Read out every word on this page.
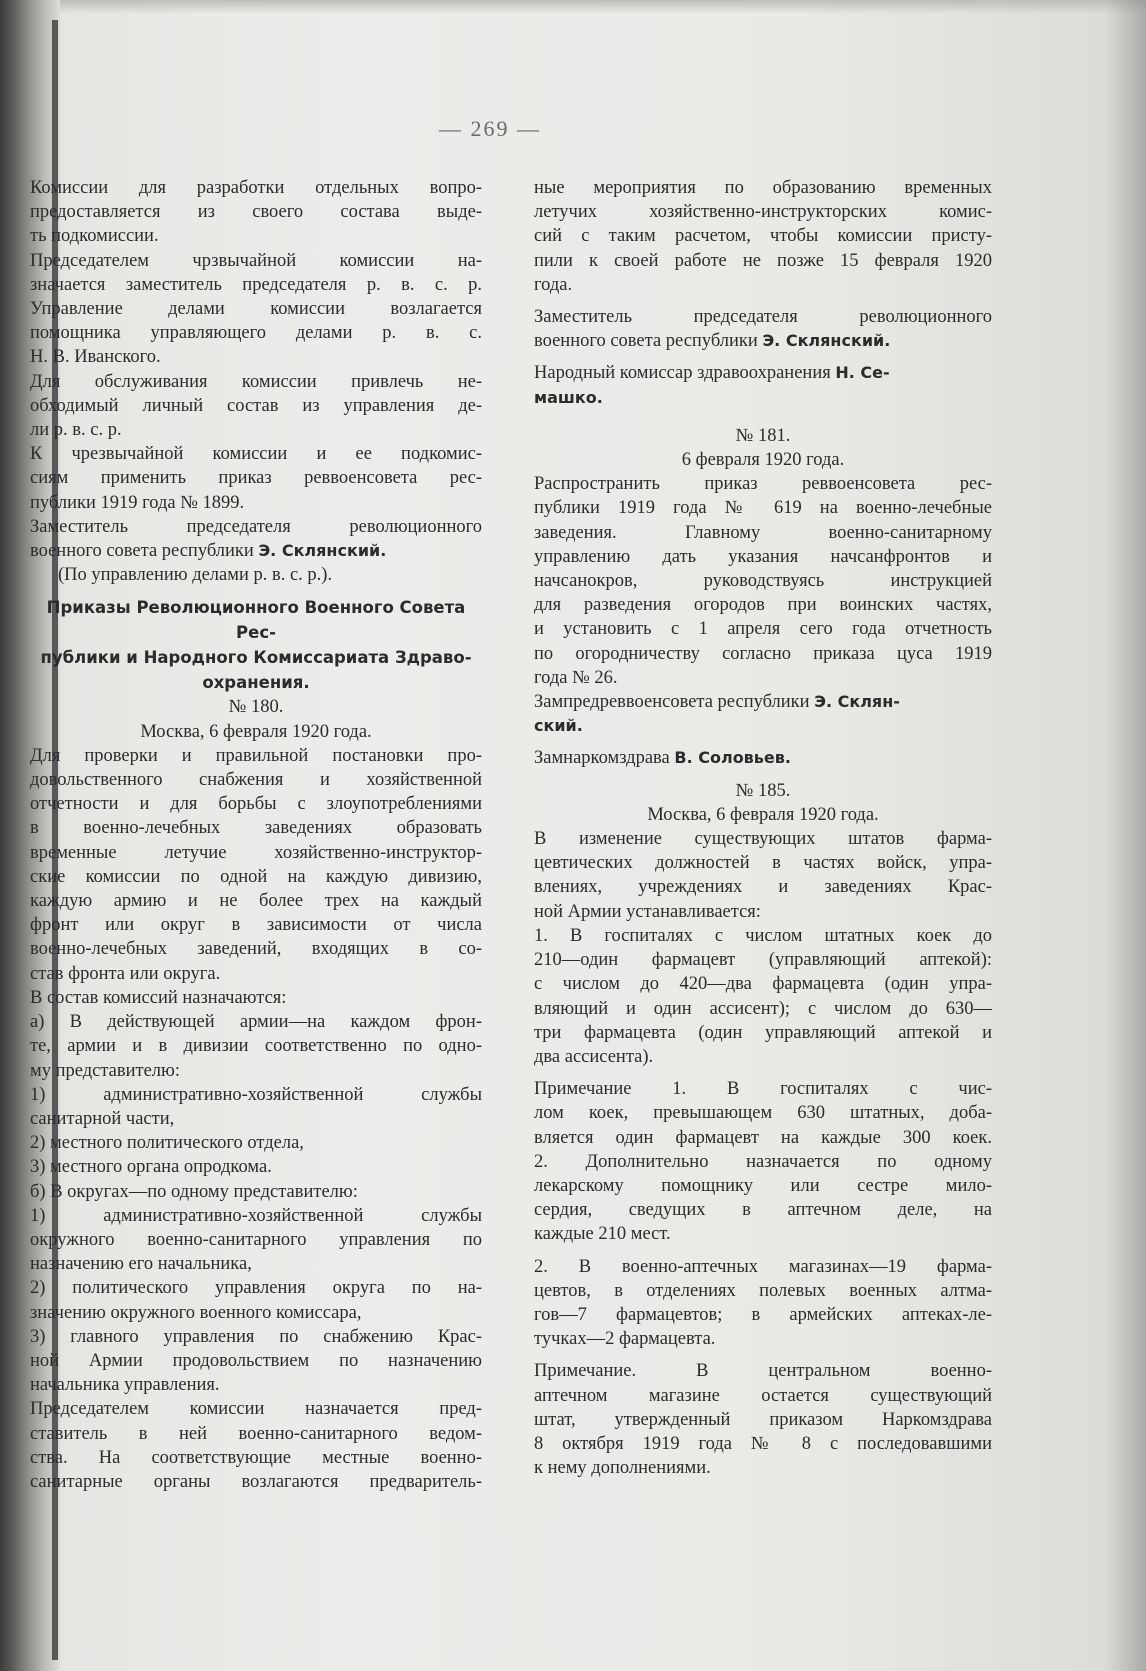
— 269 —

Комиссии для разработки отдельных вопро-

предоставляется из своего состава выде-

ть подкомиссии.

Председателем чрзвычайной комиссии на-

значается заместитель председателя р. в. с. р.

Управление делами комиссии возлагается

помощника управляющего делами р. в. с.

Н. В. Иванского.

Для обслуживания комиссии привлечь не-

обходимый личный состав из управления де-

ли р. в. с. р.

К чрезвычайной комиссии и ее подкомис-

сиям применить приказ реввоенсовета рес-

публики 1919 года № 1899.

Заместитель председателя революционного

военного совета республики Э. Склянский.

(По управлению делами р. в. с. р.).

Приказы Революционного Военного Совета Рес-
публики и Народного Комиссариата Здраво-
охранения.

№ 180.

Москва, 6 февраля 1920 года.

Для проверки и правильной постановки про-

довольственного снабжения и хозяйственной

отчетности и для борьбы с злоупотреблениями

в военно-лечебных заведениях образовать

временные летучие хозяйственно-инструктор-

ские комиссии по одной на каждую дивизию,

каждую армию и не более трех на каждый

фронт или округ в зависимости от числа

военно-лечебных заведений, входящих в со-

став фронта или округа.

В состав комиссий назначаются:

а) В действующей армии—на каждом фрон-

те, армии и в дивизии соответственно по одно-

му представителю:

1) административно-хозяйственной службы

санитарной части,

2) местного политического отдела,

3) местного органа опродкома.

б) В округах—по одному представителю:

1) административно-хозяйственной службы

окружного военно-санитарного управления по

назначению его начальника,

2) политического управления округа по на-

значению окружного военного комиссара,

3) главного управления по снабжению Крас-

ной Армии продовольствием по назначению

начальника управления.

Председателем комиссии назначается пред-

ставитель в ней военно-санитарного ведом-

ства. На соответствующие местные военно-

санитарные органы возлагаются предваритель-

ные мероприятия по образованию временных

летучих хозяйственно-инструкторских комис-

сий с таким расчетом, чтобы комиссии присту-

пили к своей работе не позже 15 февраля 1920

года.

Заместитель председателя революционного

военного совета республики Э. Склянский.

Народный комиссар здравоохранения Н. Се-

машко.

№ 181.

6 февраля 1920 года.

Распространить приказ реввоенсовета рес-

публики 1919 года № 619 на военно-лечебные

заведения. Главному военно-санитарному

управлению дать указания начсанфронтов и

начсанокров, руководствуясь инструкцией

для разведения огородов при воинских частях,

и установить с 1 апреля сего года отчетность

по огородничеству согласно приказа цуса 1919

года № 26.

Зампредреввоенсовета республики Э. Склян-

ский.

Замнаркомздрава В. Соловьев.

№ 185.

Москва, 6 февраля 1920 года.

В изменение существующих штатов фарма-

цевтических должностей в частях войск, упра-

влениях, учреждениях и заведениях Крас-

ной Армии устанавливается:

1. В госпиталях с числом штатных коек до

210—один фармацевт (управляющий аптекой):

с числом до 420—два фармацевта (один упра-

вляющий и один ассисент); с числом до 630—

три фармацевта (один управляющий аптекой и

два ассисента).

Примечание 1. В госпиталях с чис-

лом коек, превышающем 630 штатных, доба-

вляется один фармацевт на каждые 300 коек.

2. Дополнительно назначается по одному

лекарскому помощнику или сестре мило-

сердия, сведущих в аптечном деле, на

каждые 210 мест.

2. В военно-аптечных магазинах—19 фарма-

цевтов, в отделениях полевых военных алтма-

гов—7 фармацевтов; в армейских аптеках-ле-

тучках—2 фармацевта.

Примечание. В центральном военно-

аптечном магазине остается существующий

штат, утвержденный приказом Наркомздрава

8 октября 1919 года № 8 с последовавшими

к нему дополнениями.
